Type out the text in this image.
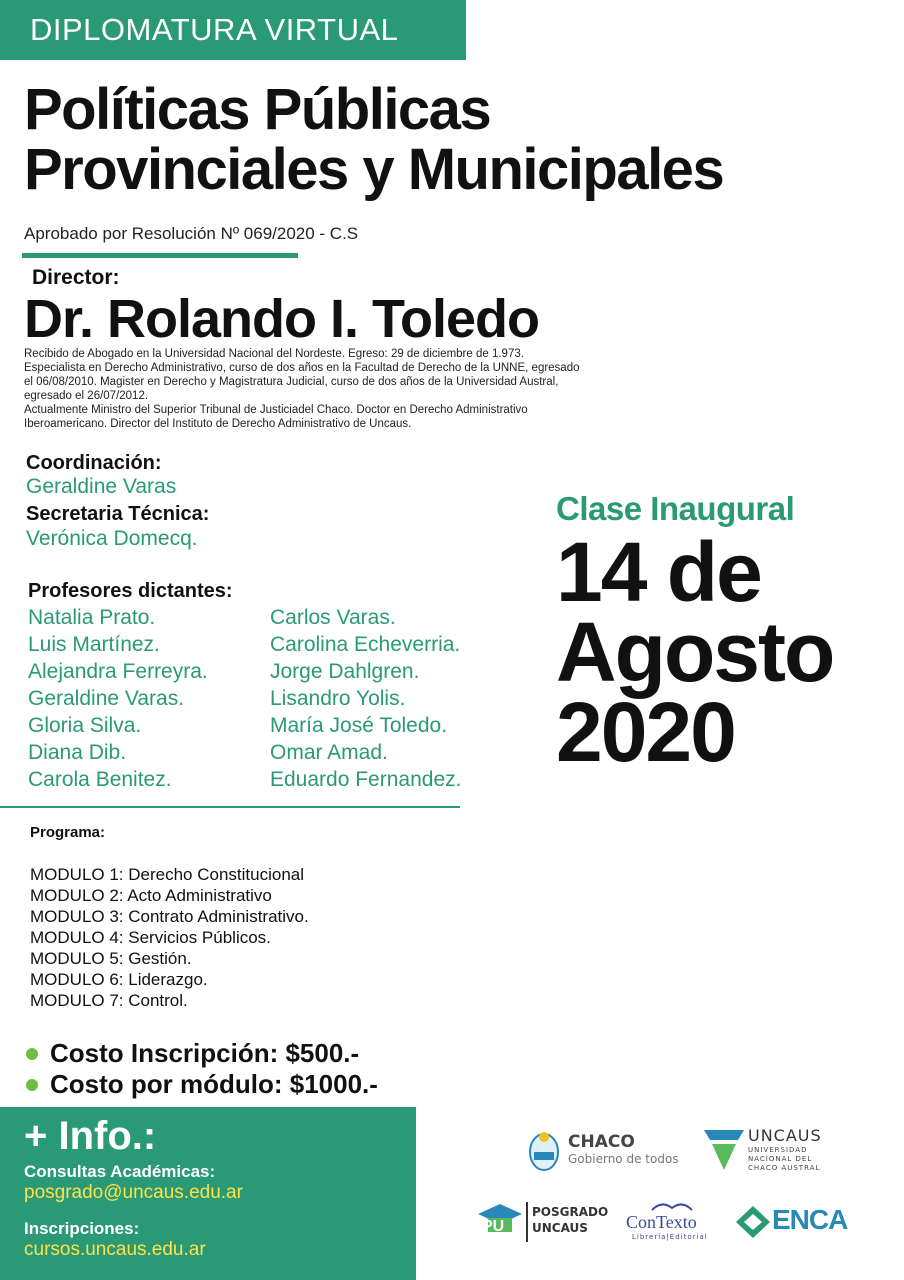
DIPLOMATURA VIRTUAL
Políticas Públicas
Provinciales y Municipales
Aprobado por Resolución Nº 069/2020 - C.S
Director:
Dr. Rolando I. Toledo

Recibido de Abogado en la Universidad Nacional del Nordeste. Egreso: 29 de diciembre de 1.973. Especialista en Derecho Administrativo, curso de dos años en la Facultad de Derecho de la UNNE, egresado el 06/08/2010. Magister en Derecho y Magistratura Judicial, curso de dos años de la Universidad Austral, egresado el 26/07/2012.

Actualmente Ministro del Superior Tribunal de Justiciadel Chaco. Doctor en Derecho Administrativo Iberoamericano. Director del Instituto de Derecho Administrativo de Uncaus.

Coordinación:
Geraldine Varas
Secretaria Técnica:
Verónica Domecq.
Profesores dictantes:
Natalia Prato.
Luis Martínez.
Alejandra Ferreyra.
Geraldine Varas.
Gloria Silva.
Diana Dib.
Carola Benitez.
Carlos Varas.
Carolina Echeverria.
Jorge Dahlgren.
Lisandro Yolis.
María José Toledo.
Omar Amad.
Eduardo Fernandez.
Programa:
MODULO 1: Derecho Constitucional
MODULO 2: Acto Administrativo
MODULO 3: Contrato Administrativo.
MODULO 4: Servicios Públicos.
MODULO 5: Gestión.
MODULO 6: Liderazgo.
MODULO 7: Control.
Clase Inaugural
14 de
Agosto
2020
Costo Inscripción: $500.-
Costo por módulo: $1000.-
+ Info.:
Consultas Académicas:
posgrado@uncaus.edu.ar
Inscripciones:
cursos.uncaus.edu.ar
CHACO
Gobierno de todos
UNCAUS
UNIVERSIDAD
NACIONAL DEL
CHACO AUSTRAL
PU
POSGRADO
UNCAUS	ConTexto
Librería|Editorial
ENCA
